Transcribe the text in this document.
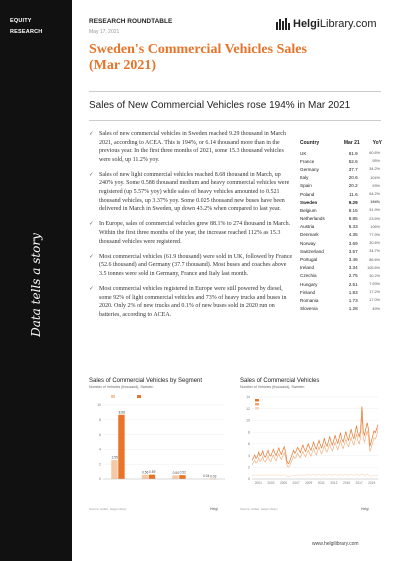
EQUITY
RESEARCH
Data tells a story
RESEARCH ROUNDTABLE
May 17, 2021
HelgiLibrary.com
Sweden's Commercial Vehicles Sales
(Mar 2021)
Sales of New Commercial Vehicles rose 194% in Mar 2021
✓ Sales of new commercial vehicles in Sweden reached 9.29 thousand in March 2021, according to ACEA. This is 194%, or 6.14 thousand more than in the previous year. In the first three months of 2021, some 15.3 thousand vehicles were sold, up 11.2% yoy.
✓ Sales of new light commercial vehicles reached 8.68 thousand in March, up 240% yoy. Some 0.588 thousand medium and heavy commercial vehicles were registered (up 5.57% yoy) while sales of heavy vehicles amounted to 0.521 thousand vehicles, up 3.37% yoy. Some 0.025 thousand new buses have been delivered in March in Sweden, up down 43.2% when compared to last year.
✓ In Europe, sales of commercial vehicles grew 88.1% to 274 thousand in March. Within the first three months of the year, the increase reached 112% as 15.3 thousand vehicles were registered.
✓ Most commercial vehicles (61.9 thousand) were sold in UK, followed by France (52.6 thousand) and Germany (37.7 thousand). Most buses and coaches above 3.5 tonnes were sold in Germany, France and Italy last month.
✓ Most commercial vehicles registered in Europe were still powered by diesel, some 92% of light commercial vehicles and 73% of heavy trucks and buses in 2020. Only 2% of new trucks and 0.1% of new buses sold in 2020 run on batteries, according to ACEA.
Country	Mar 21	YoY
UK	61.9	60.6%
France	52.6	95%
Germany	37.7	34.2%
Italy	20.6	104%
Spain	20.2	93%
Poland	11.6	64.2%
Sweden	9.29	194%
Belgium	9.15	91.9%
Netherlands	8.85	23.5%
Austria	6.33	106%
Denmark	4.35	77.9%
Norway	3.69	30.6%
Switzerland	3.57	34.7%
Portugal	3.46	86.6%
Ireland	3.34	105.6%
Czechia	2.75	30.2%
Hungary	2.51	7.93%
Finland	1.83	17.2%
Romania	1.73	17.0%
Slovenia	1.28	49%
Sales of Commercial Vehicles by Segment
Number of Vehicles (thousand), Sweden
0
2
4
6
8
10
2.55
8.68
0.56 0.59	0.50 0.52
0.04 0.03
Source: ACEA, Helgi Library	Helgi
Sales of Commercial Vehicles
Number of Vehicles (thousand), Sweden
0
2
4
6
8
10
12
14
2001 2003 2005 2007 2009 2011 2013 2015 2017 2019
Source: ACEA, Helgi Library	Helgi
www.helgilibrary.com
